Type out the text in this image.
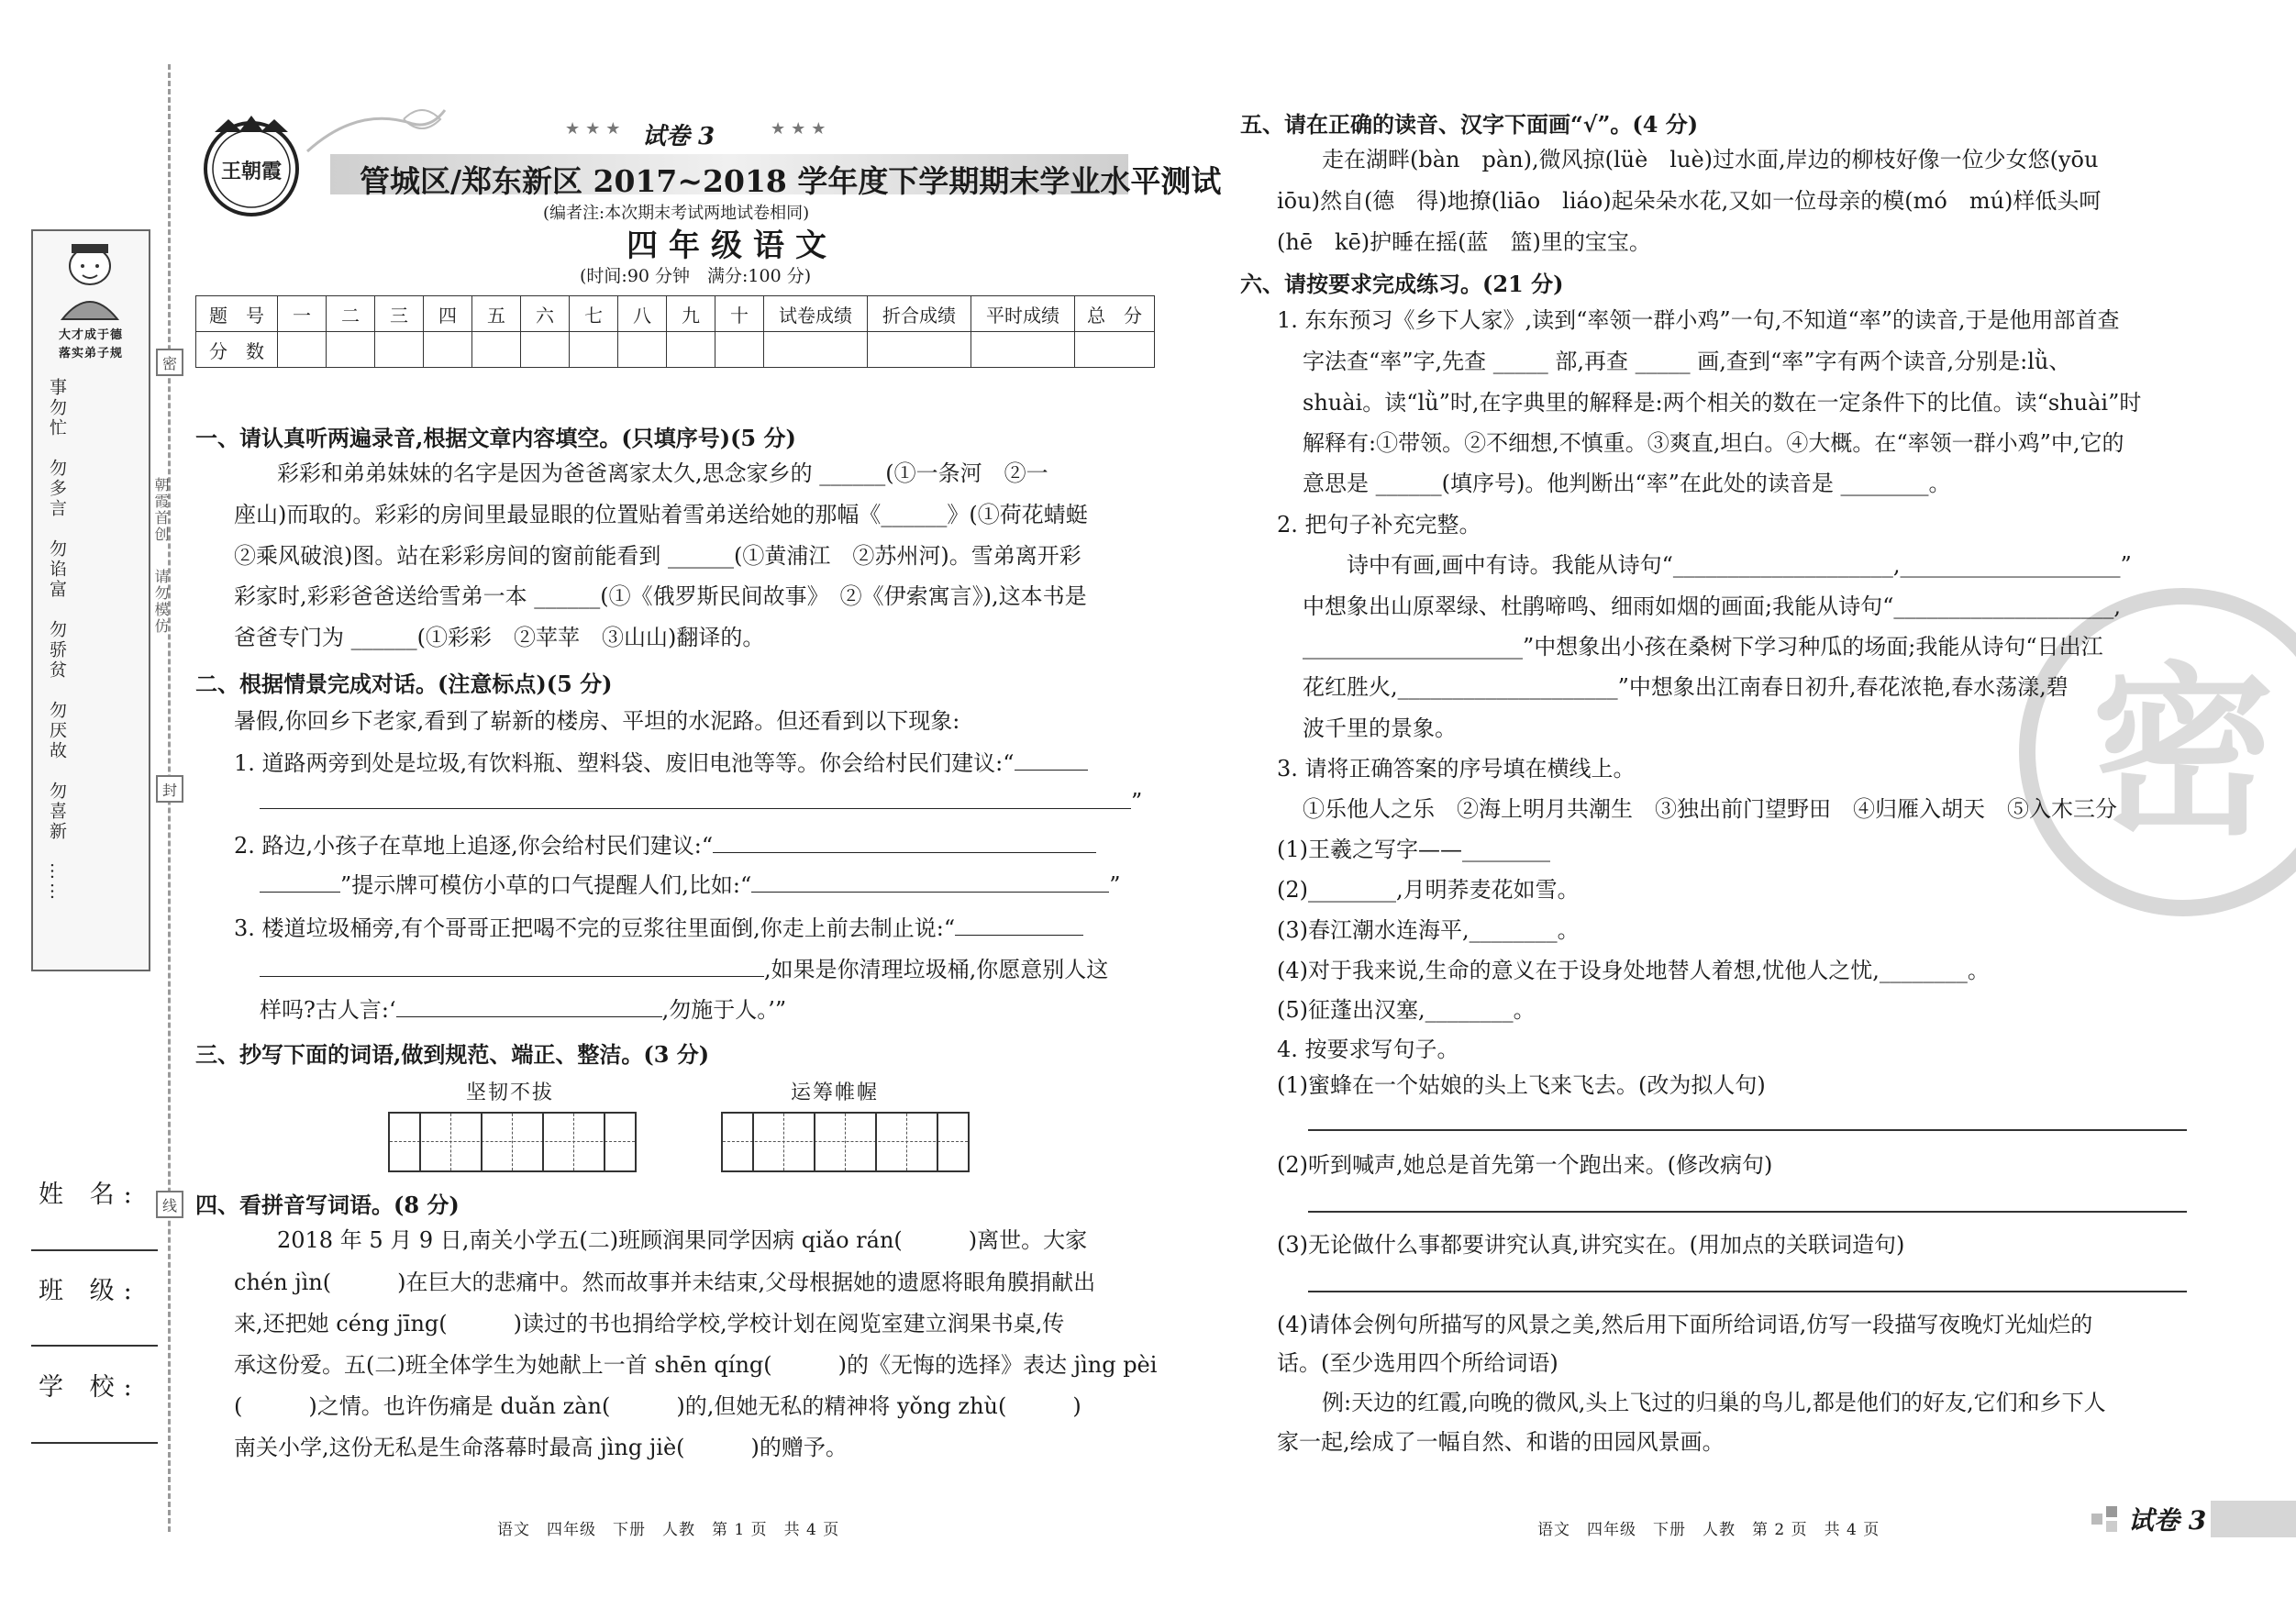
密
封
线
朝霞首创
请勿模仿
大才成于德
落实弟子规
事勿忙　勿多言　勿谄富　勿骄贫　勿厌故　勿喜新　……
姓 名:
班 级:
学 校:
王朝霞
★★★ 试卷 3	★★★
管城区/郑东新区 2017~2018 学年度下学期期末学业水平测试
(编者注:本次期末考试两地试卷相同)
四年级语文
(时间:90 分钟　满分:100 分)
题　号	一	二	三	四	五	六	七	八	九	十	试卷成绩	折合成绩	平时成绩	总　分
分　数														
一、请认真听两遍录音,根据文章内容填空。(只填序号)(5 分)
彩彩和弟弟妹妹的名字是因为爸爸离家太久,思念家乡的 ______(①一条河　②一
座山)而取的。彩彩的房间里最显眼的位置贴着雪弟送给她的那幅《______》(①荷花蜻蜓
②乘风破浪)图。站在彩彩房间的窗前能看到 ______(①黄浦江　②苏州河)。雪弟离开彩
彩家时,彩彩爸爸送给雪弟一本 ______(①《俄罗斯民间故事》　②《伊索寓言》),这本书是
爸爸专门为 ______(①彩彩　②苹苹　③山山)翻译的。
二、根据情景完成对话。(注意标点)(5 分)
暑假,你回乡下老家,看到了崭新的楼房、平坦的水泥路。但还看到以下现象:
1. 道路两旁到处是垃圾,有饮料瓶、塑料袋、废旧电池等等。你会给村民们建议:“
”
2. 路边,小孩子在草地上追逐,你会给村民们建议:“
”提示牌可模仿小草的口气提醒人们,比如:“	”
3. 楼道垃圾桶旁,有个哥哥正把喝不完的豆浆往里面倒,你走上前去制止说:“
,如果是你清理垃圾桶,你愿意别人这
样吗?古人言:‘	,勿施于人。’”
三、抄写下面的词语,做到规范、端正、整洁。(3 分)
坚韧不拔	运筹帷幄
四、看拼音写词语。(8 分)
2018 年 5 月 9 日,南关小学五(二)班顾润果同学因病 qiǎo rán(　　　)离世。大家
chén jìn(　　　)在巨大的悲痛中。然而故事并未结束,父母根据她的遗愿将眼角膜捐献出
来,还把她 céng jīng(　　　)读过的书也捐给学校,学校计划在阅览室建立润果书桌,传
承这份爱。五(二)班全体学生为她献上一首 shēn qíng(　　　)的《无悔的选择》表达 jìng pèi
(　　　)之情。也许伤痛是 duǎn zàn(　　　)的,但她无私的精神将 yǒng zhù(　　　)
南关小学,这份无私是生命落幕时最高 jìng jiè(　　　)的赠予。
语文　四年级　下册　人教　第 1 页　共 4 页
密
五、请在正确的读音、汉字下面画“√”。(4 分)
走在湖畔(bàn　pàn),微风掠(lüè　luè)过水面,岸边的柳枝好像一位少女悠(yōu
iōu)然自(德　得)地撩(liāo　liáo)起朵朵水花,又如一位母亲的模(mó　mú)样低头呵
(hē　kē)护睡在摇(蓝　篮)里的宝宝。
六、请按要求完成练习。(21 分)
1. 东东预习《乡下人家》,读到“率领一群小鸡”一句,不知道“率”的读音,于是他用部首查
字法查“率”字,先查 _____ 部,再查 _____ 画,查到“率”字有两个读音,分别是:lǜ、
shuài。读“lǜ”时,在字典里的解释是:两个相关的数在一定条件下的比值。读“shuài”时
解释有:①带领。②不细想,不慎重。③爽直,坦白。④大概。在“率领一群小鸡”中,它的
意思是 ______(填序号)。他判断出“率”在此处的读音是 ________。
2. 把句子补充完整。
诗中有画,画中有诗。我能从诗句“____________________,____________________”
中想象出山原翠绿、杜鹃啼鸣、细雨如烟的画面;我能从诗句“____________________,
____________________”中想象出小孩在桑树下学习种瓜的场面;我能从诗句“日出江
花红胜火,____________________”中想象出江南春日初升,春花浓艳,春水荡漾,碧
波千里的景象。
3. 请将正确答案的序号填在横线上。
①乐他人之乐　②海上明月共潮生　③独出前门望野田　④归雁入胡天　⑤入木三分
(1)王羲之写字——________
(2)________,月明荞麦花如雪。
(3)春江潮水连海平,________。
(4)对于我来说,生命的意义在于设身处地替人着想,忧他人之忧,________。
(5)征蓬出汉塞,________。
4. 按要求写句子。
(1)蜜蜂在一个姑娘的头上飞来飞去。(改为拟人句)
(2)听到喊声,她总是首先第一个跑出来。(修改病句)
(3)无论做什么事都要讲究认真,讲究实在。(用加点的关联词造句)
(4)请体会例句所描写的风景之美,然后用下面所给词语,仿写一段描写夜晚灯光灿烂的
话。(至少选用四个所给词语)
例:天边的红霞,向晚的微风,头上飞过的归巢的鸟儿,都是他们的好友,它们和乡下人
家一起,绘成了一幅自然、和谐的田园风景画。
语文　四年级　下册　人教　第 2 页　共 4 页	试卷 3
